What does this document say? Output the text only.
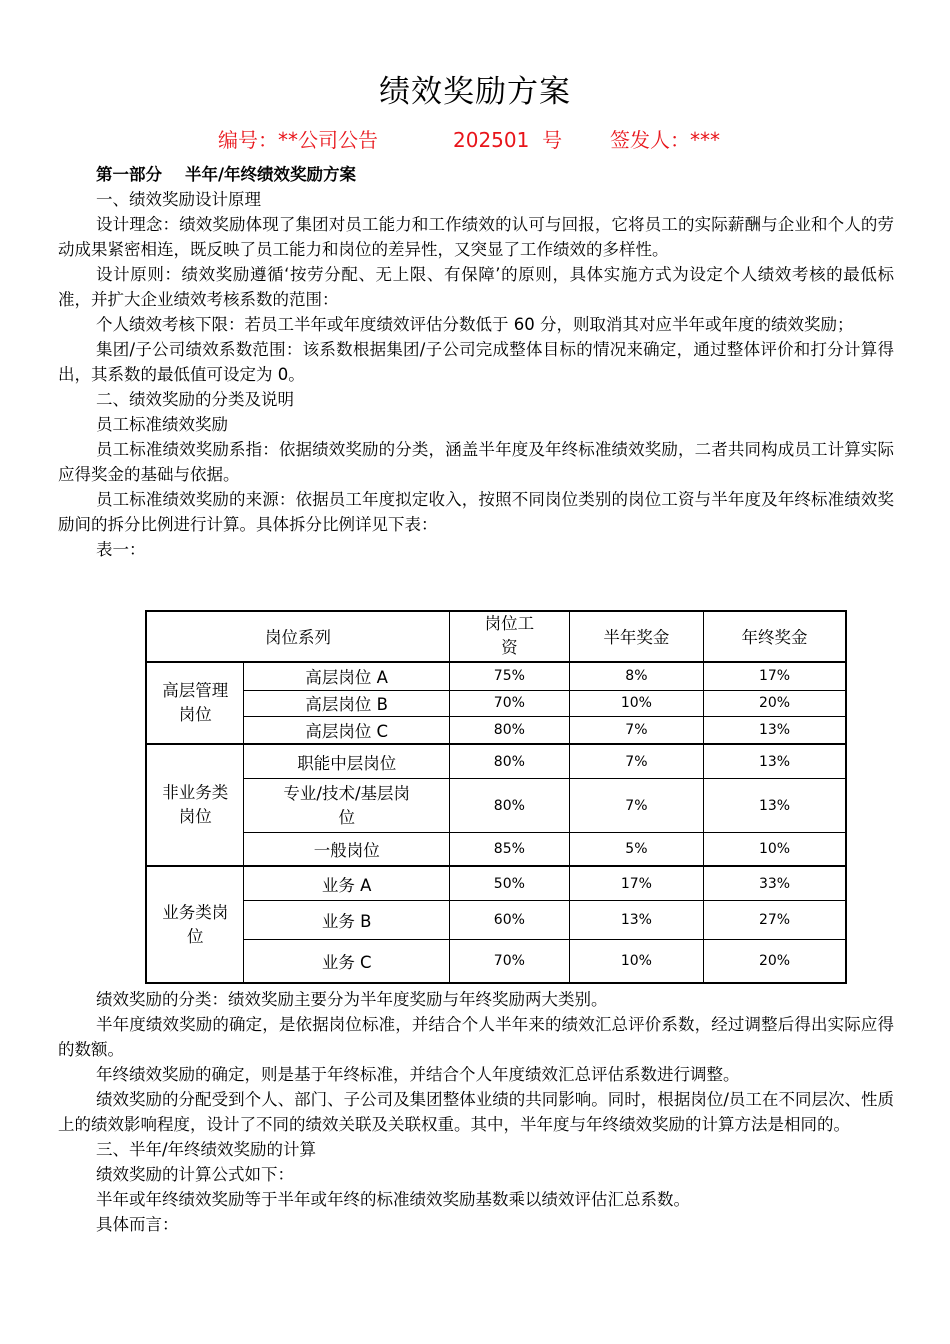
绩效奖励方案
编号：**公司公告	202501  号 签发人：***

第一部分    半年/年终绩效奖励方案

一、绩效奖励设计原理

设计理念：绩效奖励体现了集团对员工能力和工作绩效的认可与回报，它将员工的实际薪酬与企业和个人的劳动成果紧密相连，既反映了员工能力和岗位的差异性，又突显了工作绩效的多样性。

设计原则：绩效奖励遵循‘按劳分配、无上限、有保障’的原则，具体实施方式为设定个人绩效考核的最低标准，并扩大企业绩效考核系数的范围：

个人绩效考核下限：若员工半年或年度绩效评估分数低于 60 分，则取消其对应半年或年度的绩效奖励；

集团/子公司绩效系数范围：该系数根据集团/子公司完成整体目标的情况来确定，通过整体评价和打分计算得出，其系数的最低值可设定为 0。

二、绩效奖励的分类及说明

员工标准绩效奖励

员工标准绩效奖励系指：依据绩效奖励的分类，涵盖半年度及年终标准绩效奖励，二者共同构成员工计算实际应得奖金的基础与依据。

员工标准绩效奖励的来源：依据员工年度拟定收入，按照不同岗位类别的岗位工资与半年度及年终标准绩效奖励间的拆分比例进行计算。具体拆分比例详见下表：

表一：

岗位系列		岗位工资	半年奖金	年终奖金

高层管理岗位	高层岗位 A	75%	8%	17%
	高层岗位 B	70%	10%	20%
	高层岗位 C	80%	7%	13%

非业务类岗位	职能中层岗位	80%	7%	13%

	专业/技术/基层岗位	80%	7%	13%
	一般岗位	85%	5%	10%

业务类岗位	业务 A	50%	17%	33%
	业务 B	60%	13%	27%
	业务 C	70%	10%	20%

绩效奖励的分类：绩效奖励主要分为半年度奖励与年终奖励两大类别。

半年度绩效奖励的确定，是依据岗位标准，并结合个人半年来的绩效汇总评价系数，经过调整后得出实际应得的数额。

年终绩效奖励的确定，则是基于年终标准，并结合个人年度绩效汇总评估系数进行调整。

绩效奖励的分配受到个人、部门、子公司及集团整体业绩的共同影响。同时，根据岗位/员工在不同层次、性质上的绩效影响程度，设计了不同的绩效关联及关联权重。其中，半年度与年终绩效奖励的计算方法是相同的。

三、半年/年终绩效奖励的计算

绩效奖励的计算公式如下：

半年或年终绩效奖励等于半年或年终的标准绩效奖励基数乘以绩效评估汇总系数。

具体而言：
